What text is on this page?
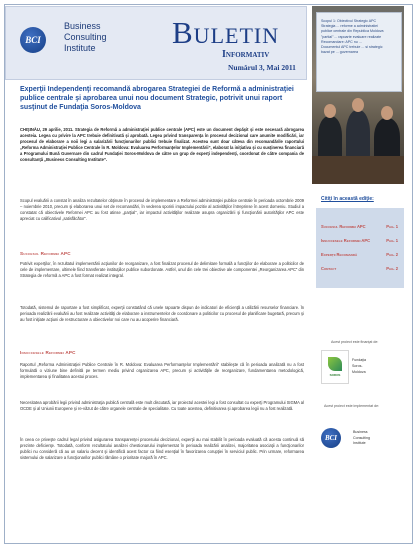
BCI
Business
Consulting
Institute	Buletin
Informativ
Numărul 3, Mai 2011
Scopul 1: Obiectivul Strategic APC
Strategia ... reforme a administratiei
publice centrale din Republica Moldova
"partial" ... rapoarte evaluare realizate
Recomandare: APC nu ...
Documentul APC trebuie ... si strategic
bazat pe ... guvernarea
Experţii Independenţi recomandă abrogarea Strategiei de Reformă a administraţiei publice centrale şi aprobarea unui nou document Strategic, potrivit unui raport susţinut de Fundaţia Soros-Moldova
CHIŞINĂU, 29 aprilie, 2011. Strategia de Reformă a administraţiei publice centrale (APC) este un document depăşit şi este necesară abrogarea acesteia. Legea cu privire la APC trebuie definitivată şi aprobată. Legea privind transparenţa în procesul decizional care anumite modificări, iar procesul de elaborare a noii legi a salarizării funcţionarilor publici trebuie finalizat. Acestea sunt doar câteva din recomandările raportului „Reforma Administraţiei Publice Centrale în R. Moldova: Evaluarea Performanţelor Implementării”, elaborat la iniţiativa şi cu susţinerea financiară a Programului Bună Guvernare din cadrul Fundaţiei Soros-Moldova de către un grup de experţi independenţi, coordonat de către compania de consultanţă „Business Consulting Institute”.
Scopul evaluării a constat în analiza rezultatelor obţinute în procesul de implementare a Reformei administraţiei publice centrale în perioada octombrie 2009 – noiembrie 2010, precum şi elaborarea unui set de recomandări, în vederea sporirii impactului pozitiv al activităţilor întreprinse în acest domeniu. Studiul a constatat că obiectivele Reformei APC au fost atinse „parţial”, iar impactul activităţilor realizate asupra organizării şi funcţionării autorităţilor APC este apreciat cu calificativul „satisfăcător”.
Succesul Reformei APC
Potrivit experţilor, în rezultatul implementării acţiunilor de reorganizare, a fost finalizat procesul de delimitare formală a funcţiilor de elaborare a politicilor de cele de implementare, ultimele fiind transferate instituţiilor publice subordonate. Astfel, unul din cele trei obiective ale componentei „Reorganizarea APC” din Strategia de reformă a APC a fost format realizat integral.
Totodată, sistemul de raportare a fost simplificat, experţii constatând că unele rapoarte dispun de indicatori de eficienţă a utilizării resurselor financiare. În perioada realizării evaluării au fost realizate activităţi de elaborare a instrumentelor de coordonare a politicilor cu procesul de planificare bugetară, precum şi au fost iniţiate acţiuni de restructurare a obiectivelor noi care nu au acoperire financiară.
Insuccesele Reformei APC
Raportul „Reforma Administraţiei Publice Centrale în R. Moldova: Evaluarea Performanţelor Implementării” stabileşte că în perioada analizată nu a fost formulată o viziune bine definită pe termen mediu privind organizarea APC, precum şi activităţile de reorganizare, fundamentarea metodologică, implementarea şi finalitatea acestui proces.
Necesitatea aprobării legii privind administraţia publică centrală este mult discutată, iar proiectul acestei legi a fost consultat cu experţi Programului SIGMA al OCDE şi al Uniunii Europene şi re-văzut de către organele centrale de specialitate. Cu toate acestea, definitivarea şi aprobarea legii nu a fost realizată.
În ceea ce priveşte cadrul legal privind asigurarea transparenţei procesului decizional, experţii au mai stabilit în perioada evaluată că acesta continuă să prezinte deficienţe. Totodată, conform rezultatului analizei chestionarului implementat în perioada realizării analizei, majoritatea asociaţii a funcţionarilor publici nu consideră că au un salariu decent şi identifică acest factor ca fiind esenţial în favorizarea corupţiei în serviciul public. Prin urmare, reformarea sistemului de salarizare a funcţionarilor publici rămâne o prioritate majoră în APC.
Citiţi în această ediţie:
Succesul Reformei APC	Pag. 1
Insuccesele Reformei APC	Pag. 1
Experţii Recomandă	Pag. 2
Contact	Pag. 2
Acest proiect este finanţat de:
SOROS
Fundaţia
Soros-
Moldova
Acest proiect este implementat de:
BCI
Business
Consulting
Institute
